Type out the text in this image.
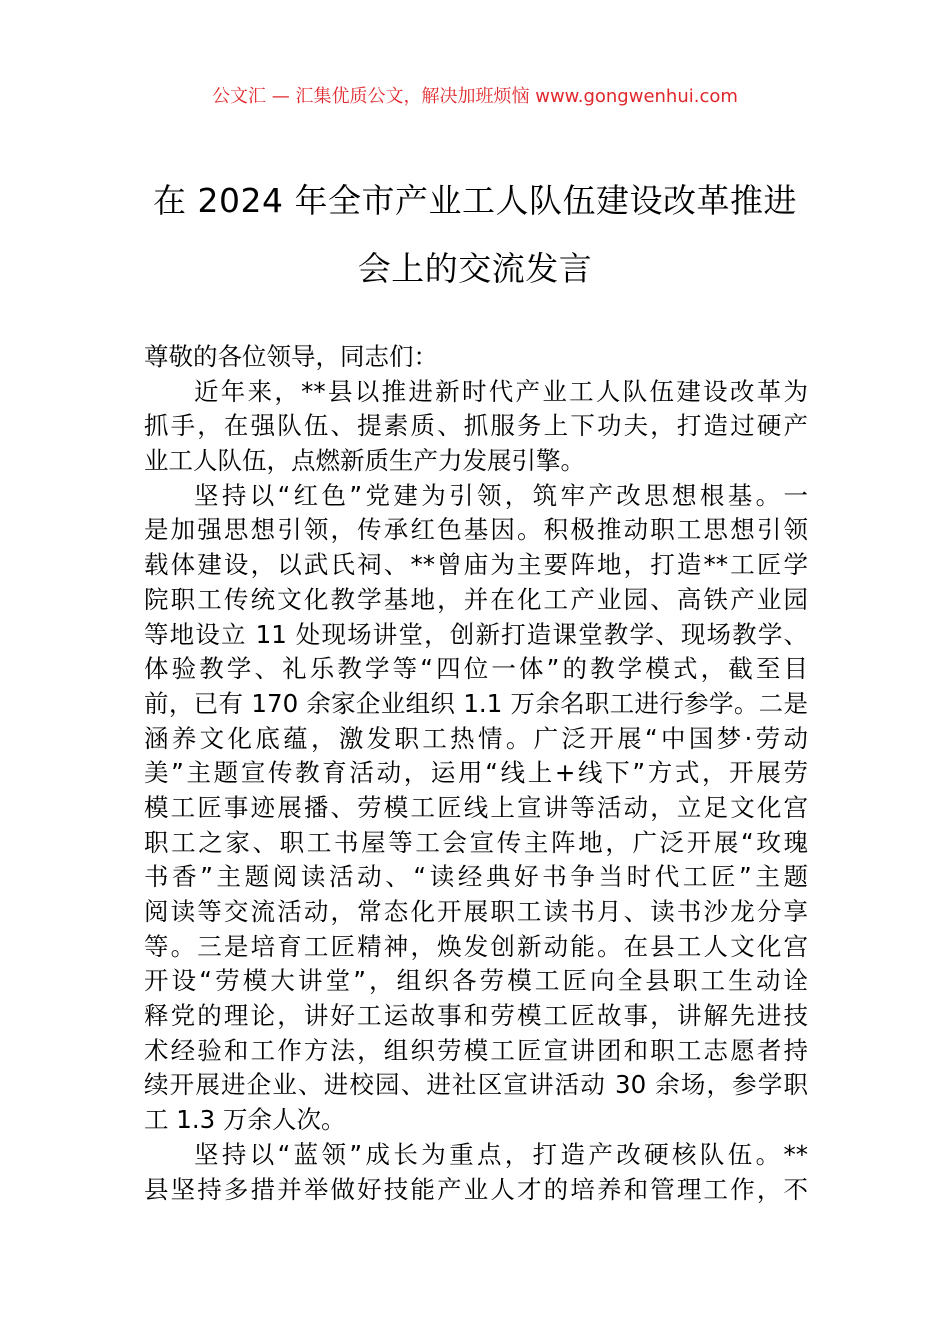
公文汇 — 汇集优质公文，解决加班烦恼 www.gongwenhui.com
在 2024 年全市产业工人队伍建设改革推进
会上的交流发言
尊敬的各位领导，同志们：
近年来，**县以推进新时代产业工人队伍建设改革为
抓手，在强队伍、提素质、抓服务上下功夫，打造过硬产
业工人队伍，点燃新质生产力发展引擎。
坚持以“红色”党建为引领，筑牢产改思想根基。一
是加强思想引领，传承红色基因。积极推动职工思想引领
载体建设，以武氏祠、**曾庙为主要阵地，打造**工匠学
院职工传统文化教学基地，并在化工产业园、高铁产业园
等地设立 11 处现场讲堂，创新打造课堂教学、现场教学、
体验教学、礼乐教学等“四位一体”的教学模式，截至目
前，已有 170 余家企业组织 1.1 万余名职工进行参学。二是
涵养文化底蕴，激发职工热情。广泛开展“中国梦·劳动
美”主题宣传教育活动，运用“线上+线下”方式，开展劳
模工匠事迹展播、劳模工匠线上宣讲等活动，立足文化宫
职工之家、职工书屋等工会宣传主阵地，广泛开展“玫瑰
书香”主题阅读活动、“读经典好书争当时代工匠”主题
阅读等交流活动，常态化开展职工读书月、读书沙龙分享
等。三是培育工匠精神，焕发创新动能。在县工人文化宫
开设“劳模大讲堂”，组织各劳模工匠向全县职工生动诠
释党的理论，讲好工运故事和劳模工匠故事，讲解先进技
术经验和工作方法，组织劳模工匠宣讲团和职工志愿者持
续开展进企业、进校园、进社区宣讲活动 30 余场，参学职
工 1.3 万余人次。
坚持以“蓝领”成长为重点，打造产改硬核队伍。**
县坚持多措并举做好技能产业人才的培养和管理工作，不
